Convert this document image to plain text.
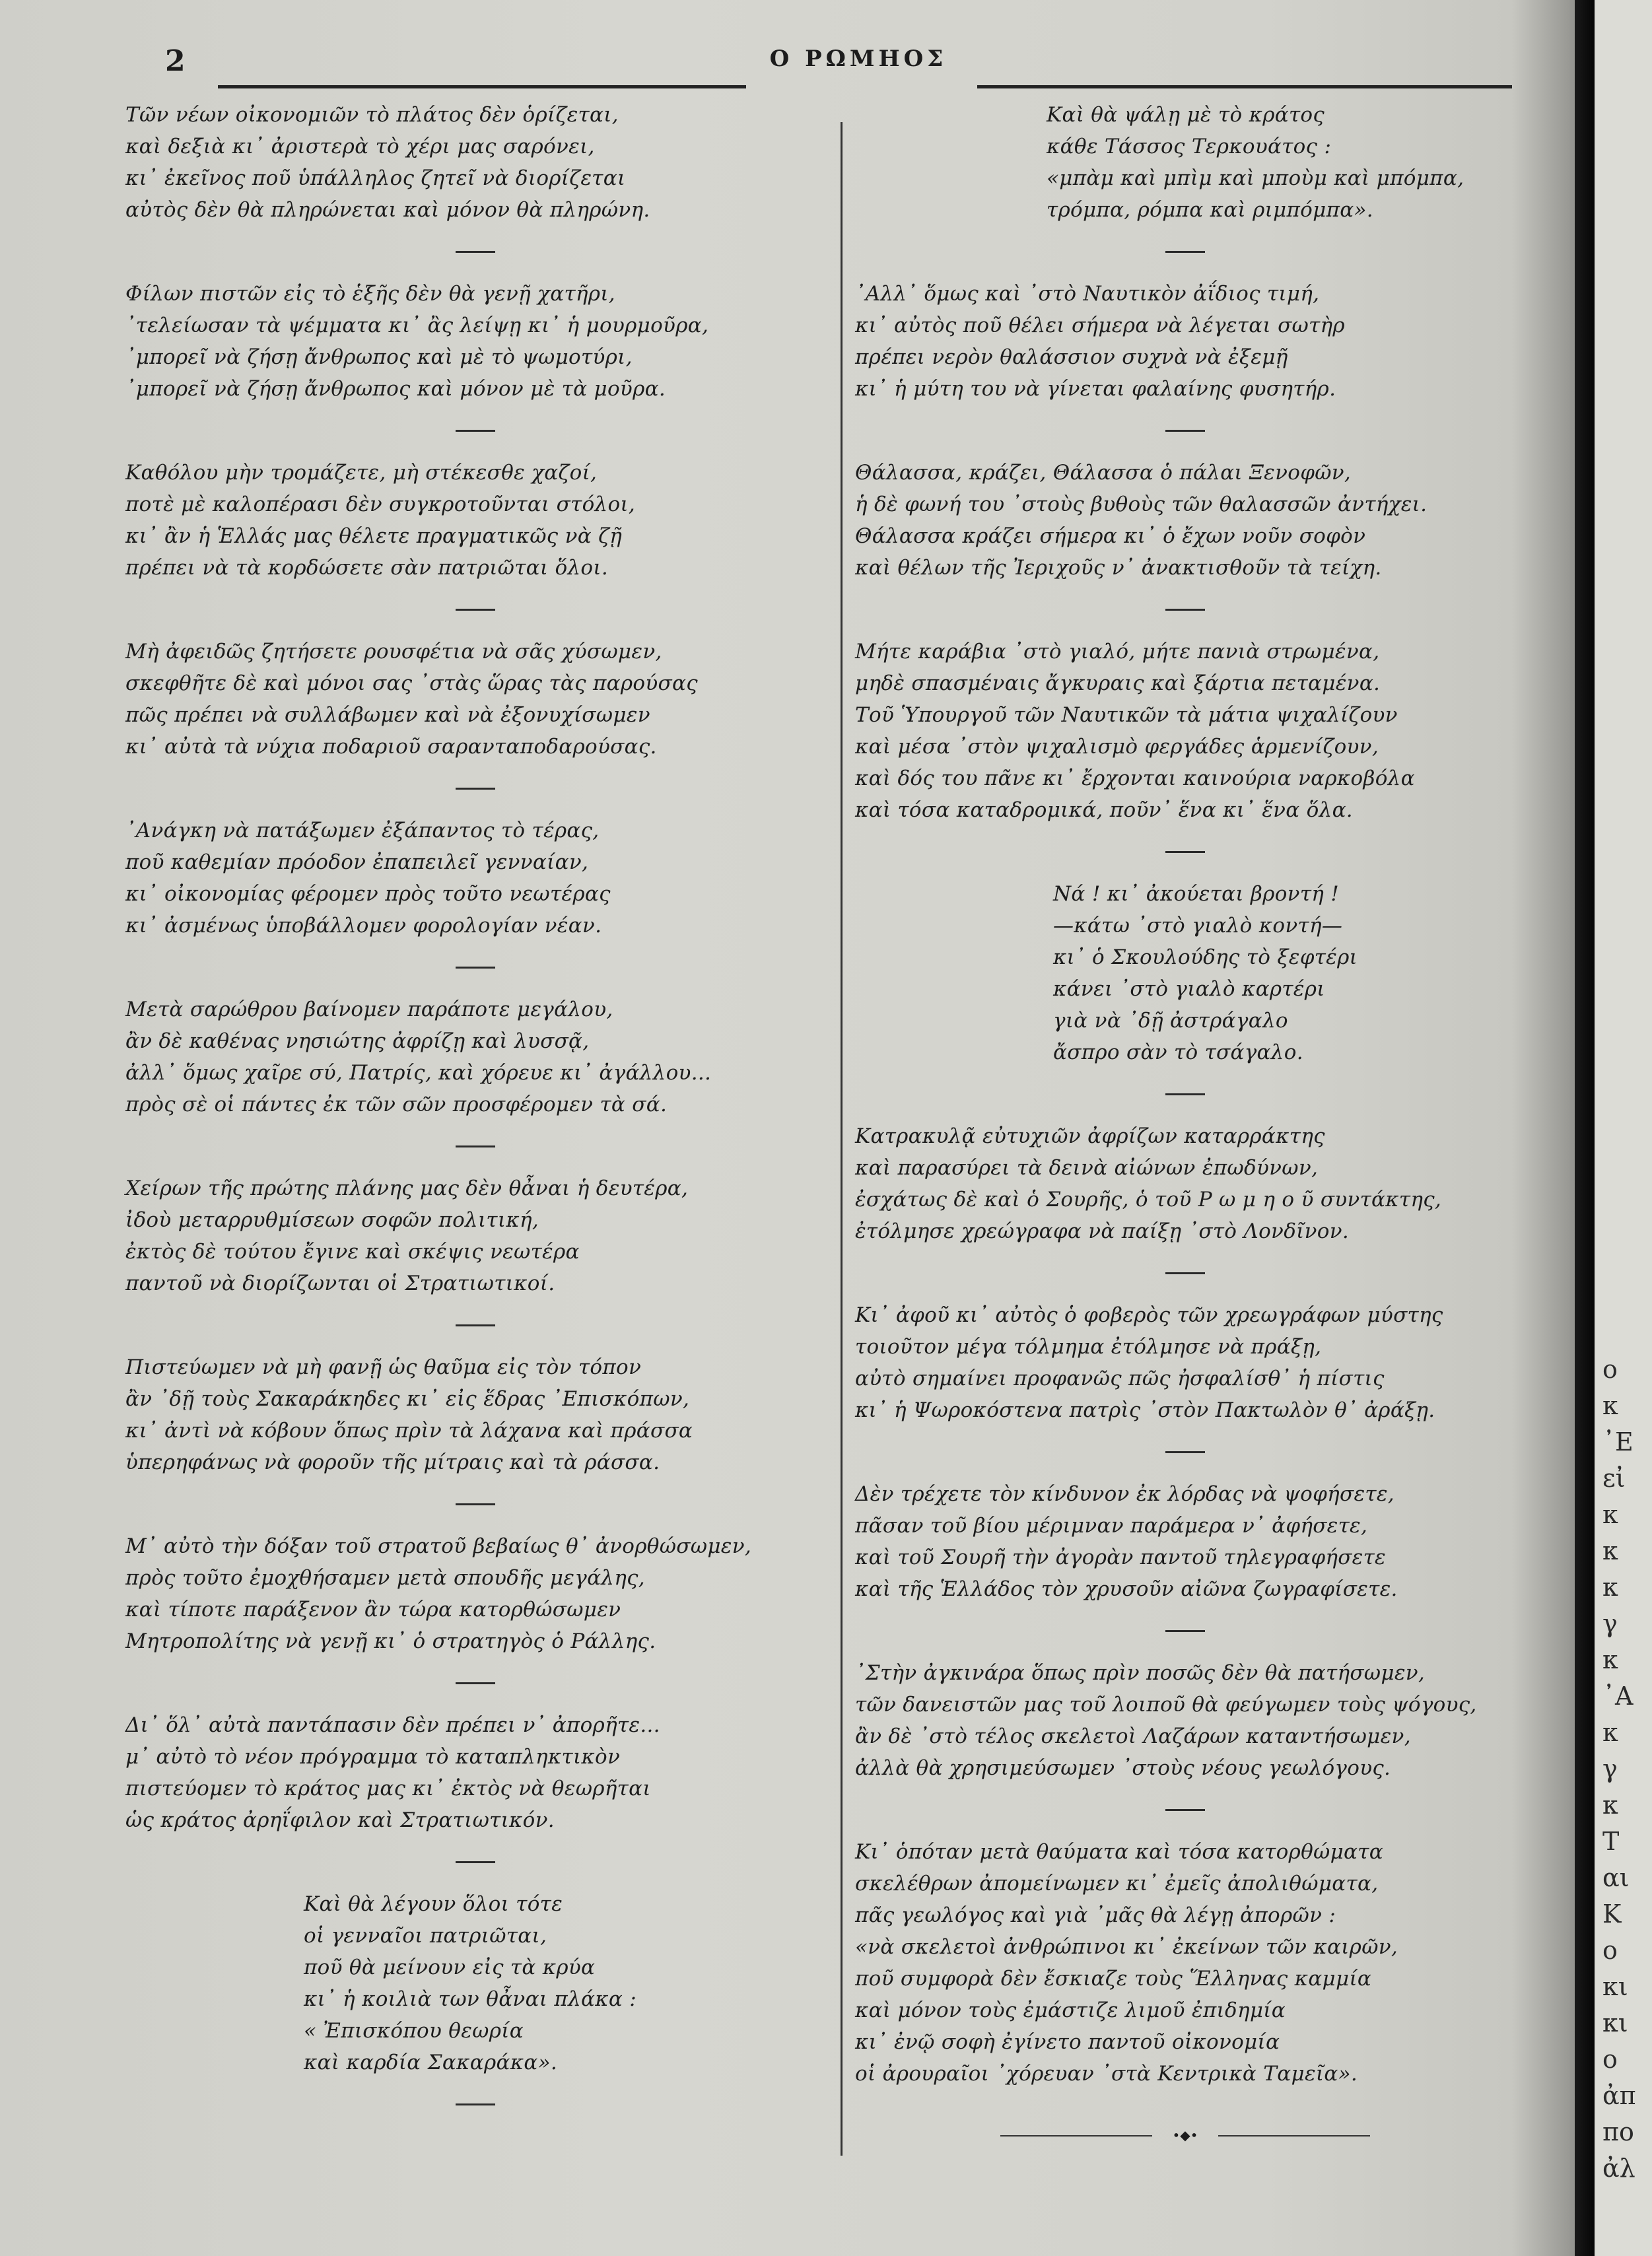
2	Ο ΡΩΜΗΟΣ
Τῶν νέων οἰκονομιῶν τὸ πλάτος δὲν ὁρίζεται,
καὶ δεξιὰ κι᾽ ἀριστερὰ τὸ χέρι μας σαρόνει,
κι᾽ ἐκεῖνος ποῦ ὑπάλληλος ζητεῖ νὰ διορίζεται
αὐτὸς δὲν θὰ πληρώνεται καὶ μόνον θὰ πληρώνη.
Φίλων πιστῶν εἰς τὸ ἑξῆς δὲν θὰ γενῇ χατῆρι,
᾽τελείωσαν τὰ ψέμματα κι᾽ ἂς λείψῃ κι᾽ ἡ μουρμοῦρα,
᾽μπορεῖ νὰ ζήσῃ ἄνθρωπος καὶ μὲ τὸ ψωμοτύρι,
᾽μπορεῖ νὰ ζήσῃ ἄνθρωπος καὶ μόνον μὲ τὰ μοῦρα.
Καθόλου μὴν τρομάζετε, μὴ στέκεσθε χαζοί,
ποτὲ μὲ καλοπέρασι δὲν συγκροτοῦνται στόλοι,
κι᾽ ἂν ἡ Ἑλλάς μας θέλετε πραγματικῶς νὰ ζῇ
πρέπει νὰ τὰ κορδώσετε σὰν πατριῶται ὅλοι.
Μὴ ἀφειδῶς ζητήσετε ρουσφέτια νὰ σᾶς χύσωμεν,
σκεφθῆτε δὲ καὶ μόνοι σας ᾽στὰς ὥρας τὰς παρούσας
πῶς πρέπει νὰ συλλάβωμεν καὶ νὰ ἐξονυχίσωμεν
κι᾽ αὐτὰ τὰ νύχια ποδαριοῦ σαρανταποδαρούσας.
᾽Ανάγκη νὰ πατάξωμεν ἐξάπαντος τὸ τέρας,
ποῦ καθεμίαν πρόοδον ἐπαπειλεῖ γενναίαν,
κι᾽ οἰκονομίας φέρομεν πρὸς τοῦτο νεωτέρας
κι᾽ ἀσμένως ὑποβάλλομεν φορολογίαν νέαν.
Μετὰ σαρώθρου βαίνομεν παράποτε μεγάλου,
ἂν δὲ καθένας νησιώτης ἀφρίζῃ καὶ λυσσᾷ,
ἀλλ᾽ ὅμως χαῖρε σύ, Πατρίς, καὶ χόρευε κι᾽ ἀγάλλου...
πρὸς σὲ οἱ πάντες ἐκ τῶν σῶν προσφέρομεν τὰ σά.
Χείρων τῆς πρώτης πλάνης μας δὲν θἆναι ἡ δευτέρα,
ἰδοὺ μεταρρυθμίσεων σοφῶν πολιτική,
ἐκτὸς δὲ τούτου ἔγινε καὶ σκέψις νεωτέρα
παντοῦ νὰ διορίζωνται οἱ Στρατιωτικοί.
Πιστεύωμεν νὰ μὴ φανῇ ὡς θαῦμα εἰς τὸν τόπον
ἂν ᾽δῇ τοὺς Σακαράκηδες κι᾽ εἰς ἕδρας ᾽Επισκόπων,
κι᾽ ἀντὶ νὰ κόβουν ὅπως πρὶν τὰ λάχανα καὶ πράσσα
ὑπερηφάνως νὰ φοροῦν τῆς μίτραις καὶ τὰ ράσσα.
Μ᾽ αὐτὸ τὴν δόξαν τοῦ στρατοῦ βεβαίως θ᾽ ἀνορθώσωμεν,
πρὸς τοῦτο ἐμοχθήσαμεν μετὰ σπουδῆς μεγάλης,
καὶ τίποτε παράξενον ἂν τώρα κατορθώσωμεν
Μητροπολίτης νὰ γενῇ κι᾽ ὁ στρατηγὸς ὁ Ράλλης.
Δι᾽ ὅλ᾽ αὐτὰ παντάπασιν δὲν πρέπει ν᾽ ἀπορῆτε...
μ᾽ αὐτὸ τὸ νέον πρόγραμμα τὸ καταπληκτικὸν
πιστεύομεν τὸ κράτος μας κι᾽ ἐκτὸς νὰ θεωρῆται
ὡς κράτος ἀρηΐφιλον καὶ Στρατιωτικόν.
Καὶ θὰ λέγουν ὅλοι τότε
οἱ γενναῖοι πατριῶται,
ποῦ θὰ μείνουν εἰς τὰ κρύα
κι᾽ ἡ κοιλιὰ των θἆναι πλάκα :
« Ἐπισκόπου θεωρία
καὶ καρδία Σακαράκα».
Καὶ θὰ ψάλῃ μὲ τὸ κράτος
κάθε Τάσσος Τερκουάτος :
«μπὰμ καὶ μπὶμ καὶ μποὺμ καὶ μπόμπα,
τρόμπα, ρόμπα καὶ ριμπόμπα».
᾽Αλλ᾽ ὅμως καὶ ᾽στὸ Ναυτικὸν ἀΐδιος τιμή,
κι᾽ αὐτὸς ποῦ θέλει σήμερα νὰ λέγεται σωτὴρ
πρέπει νερὸν θαλάσσιον συχνὰ νὰ ἐξεμῇ
κι᾽ ἡ μύτη του νὰ γίνεται φαλαίνης φυσητήρ.
Θάλασσα, κράζει, Θάλασσα ὁ πάλαι Ξενοφῶν,
ἡ δὲ φωνή του ᾽στοὺς βυθοὺς τῶν θαλασσῶν ἀντήχει.
Θάλασσα κράζει σήμερα κι᾽ ὁ ἔχων νοῦν σοφὸν
καὶ θέλων τῆς Ἰεριχοῦς ν᾽ ἀνακτισθοῦν τὰ τείχη.
Μήτε καράβια ᾽στὸ γιαλό, μήτε πανιὰ στρωμένα,
μηδὲ σπασμέναις ἄγκυραις καὶ ξάρτια πεταμένα.
Τοῦ Ὑπουργοῦ τῶν Ναυτικῶν τὰ μάτια ψιχαλίζουν
καὶ μέσα ᾽στὸν ψιχαλισμὸ φεργάδες ἁρμενίζουν,
καὶ δός του πᾶνε κι᾽ ἔρχονται καινούρια ναρκοβόλα
καὶ τόσα καταδρομικά, ποῦν᾽ ἕνα κι᾽ ἕνα ὅλα.
Νά ! κι᾽ ἀκούεται βροντή !
—κάτω ᾽στὸ γιαλὸ κοντή—
κι᾽ ὁ Σκουλούδης τὸ ξεφτέρι
κάνει ᾽στὸ γιαλὸ καρτέρι
γιὰ νὰ ᾽δῇ ἀστράγαλο
ἄσπρο σὰν τὸ τσάγαλο.
Κατρακυλᾷ εὐτυχιῶν ἀφρίζων καταρράκτης
καὶ παρασύρει τὰ δεινὰ αἰώνων ἐπωδύνων,
ἐσχάτως δὲ καὶ ὁ Σουρῆς, ὁ τοῦ Ρ ω μ η ο ῦ συντάκτης,
ἐτόλμησε χρεώγραφα νὰ παίξῃ ᾽στὸ Λονδῖνον.
Κι᾽ ἀφοῦ κι᾽ αὐτὸς ὁ φοβερὸς τῶν χρεωγράφων μύστης
τοιοῦτον μέγα τόλμημα ἐτόλμησε νὰ πράξῃ,
αὐτὸ σημαίνει προφανῶς πῶς ἠσφαλίσθ᾽ ἡ πίστις
κι᾽ ἡ Ψωροκόστενα πατρὶς ᾽στὸν Πακτωλὸν θ᾽ ἀράξῃ.
Δὲν τρέχετε τὸν κίνδυνον ἐκ λόρδας νὰ ψοφήσετε,
πᾶσαν τοῦ βίου μέριμναν παράμερα ν᾽ ἀφήσετε,
καὶ τοῦ Σουρῆ τὴν ἀγορὰν παντοῦ τηλεγραφήσετε
καὶ τῆς Ἑλλάδος τὸν χρυσοῦν αἰῶνα ζωγραφίσετε.
᾽Στὴν ἀγκινάρα ὅπως πρὶν ποσῶς δὲν θὰ πατήσωμεν,
τῶν δανειστῶν μας τοῦ λοιποῦ θὰ φεύγωμεν τοὺς ψόγους,
ἂν δὲ ᾽στὸ τέλος σκελετοὶ Λαζάρων καταντήσωμεν,
ἀλλὰ θὰ χρησιμεύσωμεν ᾽στοὺς νέους γεωλόγους.
Κι᾽ ὁπόταν μετὰ θαύματα καὶ τόσα κατορθώματα
σκελέθρων ἀπομείνωμεν κι᾽ ἐμεῖς ἀπολιθώματα,
πᾶς γεωλόγος καὶ γιὰ ᾽μᾶς θὰ λέγῃ ἀπορῶν :
«νὰ σκελετοὶ ἀνθρώπινοι κι᾽ ἐκείνων τῶν καιρῶν,
ποῦ συμφορὰ δὲν ἔσκιαζε τοὺς Ἕλληνας καμμία
καὶ μόνον τοὺς ἐμάστιζε λιμοῦ ἐπιδημία
κι᾽ ἐνῷ σοφὴ ἐγίνετο παντοῦ οἰκονομία
οἱ ἀρουραῖοι ᾽χόρευαν ᾽στὰ Κεντρικὰ Ταμεῖα».
•◆•
ο
κ
᾽Ε
εἰ
κ
κ
κ
γ
κ
᾽Α
κ
γ
κ
Τ
αι
Κ
ο
κι
κι
ο
ἀπ
πο
ἀλ
